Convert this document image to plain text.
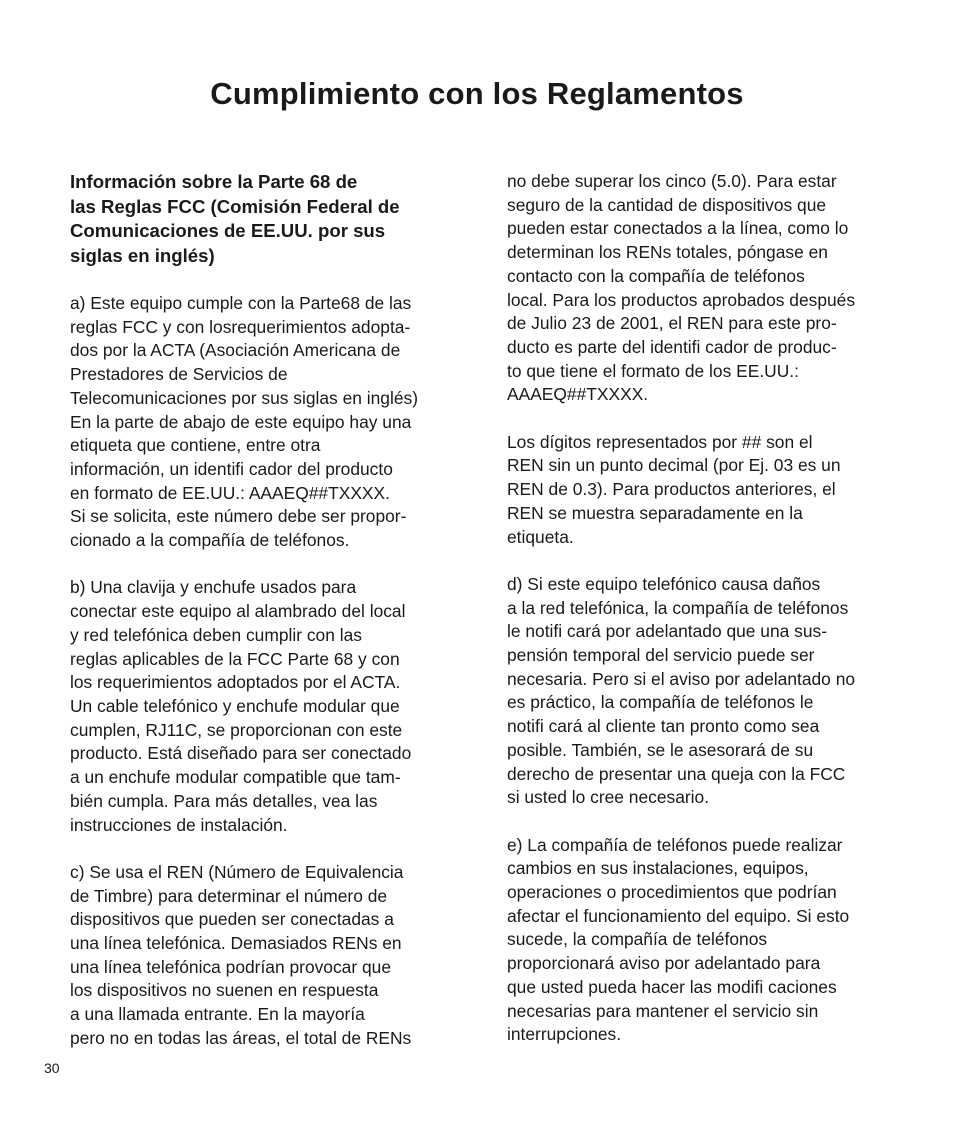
Cumplimiento con los Reglamentos
Información sobre la Parte 68 de
las Reglas FCC (Comisión Federal de
Comunicaciones de EE.UU. por sus
siglas en inglés)
a) Este equipo cumple con la Parte68 de las
reglas FCC y con losrequerimientos adopta-
dos por la ACTA (Asociación Americana de
Prestadores de Servicios de
Telecomunicaciones por sus siglas en inglés)
En la parte de abajo de este equipo hay una
etiqueta que contiene, entre otra
información, un identifi cador del producto
en formato de EE.UU.: AAAEQ##TXXXX.
Si se solicita, este número debe ser propor-
cionado a la compañía de teléfonos.
b) Una clavija y enchufe usados para
conectar este equipo al alambrado del local
y red telefónica deben cumplir con las
reglas aplicables de la FCC Parte 68 y con
los requerimientos adoptados por el ACTA.
Un cable telefónico y enchufe modular que
cumplen, RJ11C, se proporcionan con este
producto. Está diseñado para ser conectado
a un enchufe modular compatible que tam-
bién cumpla. Para más detalles, vea las
instrucciones de instalación.
c) Se usa el REN (Número de Equivalencia
de Timbre) para determinar el número de
dispositivos que pueden ser conectadas a
una línea telefónica. Demasiados RENs en
una línea telefónica podrían provocar que
los dispositivos no suenen en respuesta
a una llamada entrante. En la mayoría
pero no en todas las áreas, el total de RENs
no debe superar los cinco (5.0). Para estar
seguro de la cantidad de dispositivos que
pueden estar conectados a la línea, como lo
determinan los RENs totales, póngase en
contacto con la compañía de teléfonos
local. Para los productos aprobados después
de Julio 23 de 2001, el REN para este pro-
ducto es parte del identifi cador de produc-
to que tiene el formato de los EE.UU.:
AAAEQ##TXXXX.
Los dígitos representados por ## son el
REN sin un punto decimal (por Ej. 03 es un
REN de 0.3). Para productos anteriores, el
REN se muestra separadamente en la
etiqueta.
d) Si este equipo telefónico causa daños
a la red telefónica, la compañía de teléfonos
le notifi cará por adelantado que una sus-
pensión temporal del servicio puede ser
necesaria. Pero si el aviso por adelantado no
es práctico, la compañía de teléfonos le
notifi cará al cliente tan pronto como sea
posible. También, se le asesorará de su
derecho de presentar una queja con la FCC
si usted lo cree necesario.
e) La compañía de teléfonos puede realizar
cambios en sus instalaciones, equipos,
operaciones o procedimientos que podrían
afectar el funcionamiento del equipo. Si esto
sucede, la compañía de teléfonos
proporcionará aviso por adelantado para
que usted pueda hacer las modifi caciones
necesarias para mantener el servicio sin
interrupciones.
30
